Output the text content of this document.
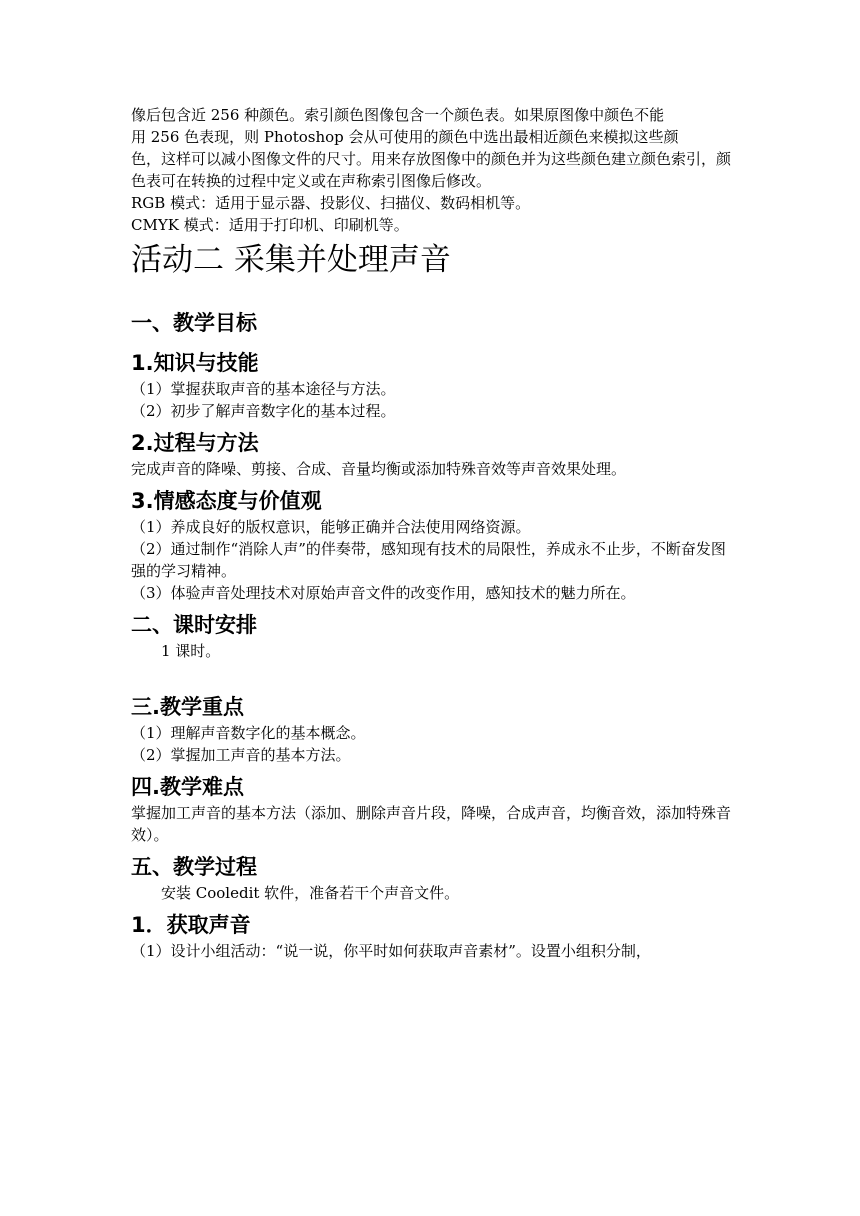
像后包含近 256 种颜色。索引颜色图像包含一个颜色表。如果原图像中颜色不能

用 256 色表现，则 Photoshop 会从可使用的颜色中选出最相近颜色来模拟这些颜

色，这样可以减小图像文件的尺寸。用来存放图像中的颜色并为这些颜色建立颜色索引，颜色表可在转换的过程中定义或在声称索引图像后修改。

RGB 模式：适用于显示器、投影仪、扫描仪、数码相机等。

CMYK 模式：适用于打印机、印刷机等。

活动二 采集并处理声音
一、教学目标
1.知识与技能

（1）掌握获取声音的基本途径与方法。

（2）初步了解声音数字化的基本过程。

2.过程与方法

完成声音的降噪、剪接、合成、音量均衡或添加特殊音效等声音效果处理。

3.情感态度与价值观

（1）养成良好的版权意识，能够正确并合法使用网络资源。

（2）通过制作“消除人声”的伴奏带，感知现有技术的局限性，养成永不止步，不断奋发图强的学习精神。

（3）体验声音处理技术对原始声音文件的改变作用，感知技术的魅力所在。

二、课时安排

1 课时。

三.教学重点

（1）理解声音数字化的基本概念。

（2）掌握加工声音的基本方法。

四.教学难点

掌握加工声音的基本方法（添加、删除声音片段，降噪，合成声音，均衡音效，添加特殊音效）。

五、教学过程

安装 Cooledit 软件，准备若干个声音文件。

1．获取声音

（1）设计小组活动：“说一说，你平时如何获取声音素材”。设置小组积分制，
